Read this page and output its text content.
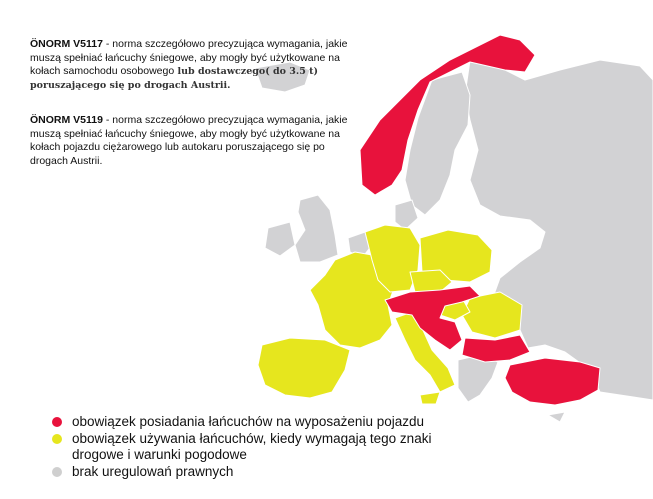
ÖNORM V5117 - norma szczegółowo precyzująca wymagania, jakie muszą spełniać łańcuchy śniegowe, aby mogły być użytkowane na kołach samochodu osobowego lub dostawczego( do 3.5 t) poruszającego się po drogach Austrii.
ÖNORM V5119 - norma szczegółowo precyzująca wymagania, jakie muszą spełniać łańcuchy śniegowe, aby mogły być użytkowane na kołach pojazdu ciężarowego lub autokaru poruszającego się po drogach Austrii.
obowiązek posiadania łańcuchów na wyposażeniu pojazdu
obowiązek używania łańcuchów, kiedy wymagają tego znaki
drogowe i warunki pogodowe
brak uregulowań prawnych
